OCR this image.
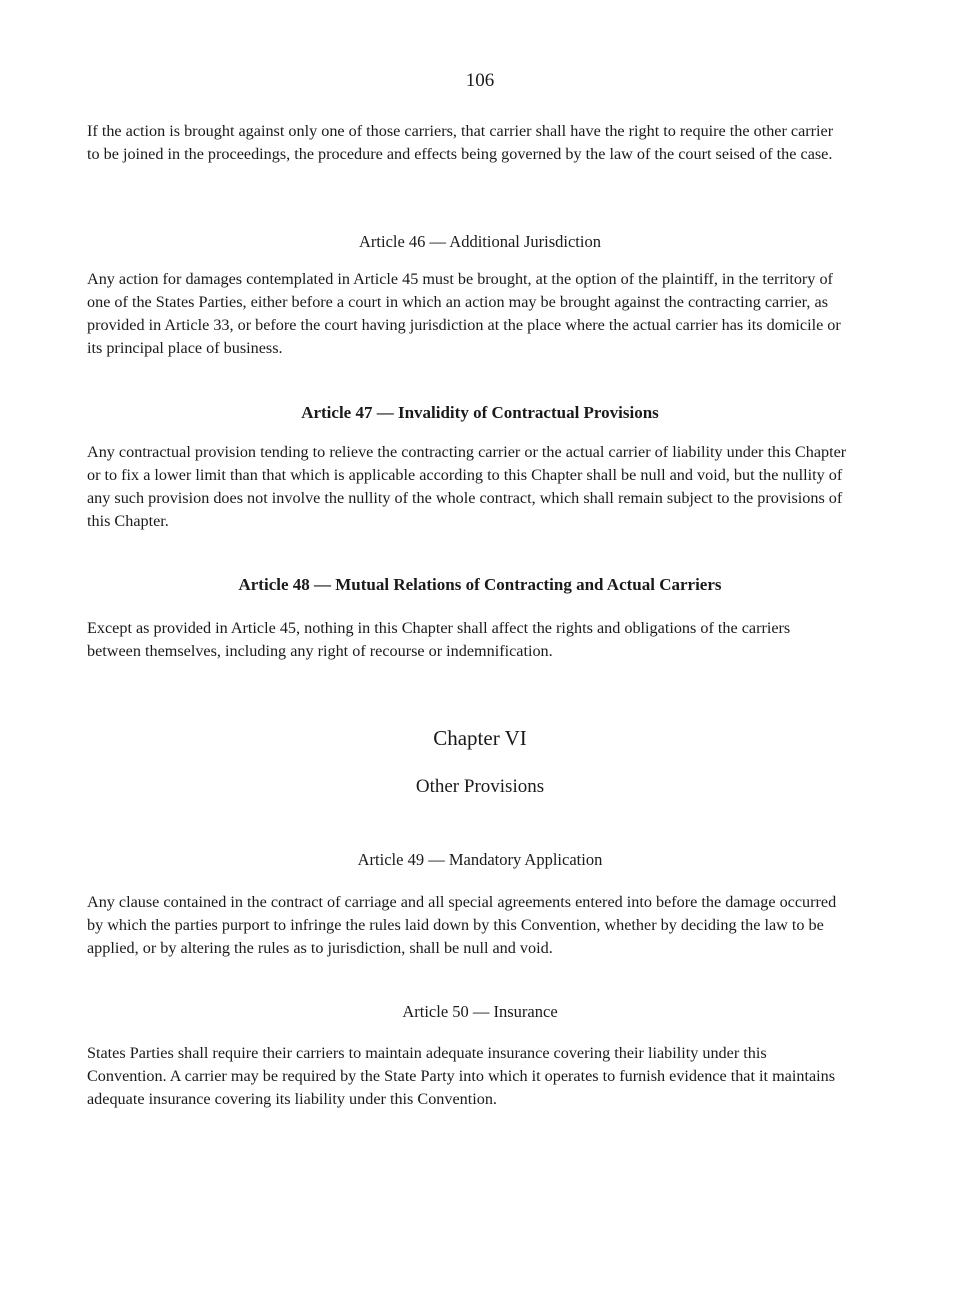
106

If the action is brought against only one of those carriers, that carrier shall have the right to require the other carrier to be joined in the proceedings, the procedure and effects being governed by the law of the court seised of the case.

Article 46 — Additional Jurisdiction

Any action for damages contemplated in Article 45 must be brought, at the option of the plaintiff, in the territory of one of the States Parties, either before a court in which an action may be brought against the contracting carrier, as provided in Article 33, or before the court having jurisdiction at the place where the actual carrier has its domicile or its principal place of business.

Article 47 — Invalidity of Contractual Provisions

Any contractual provision tending to relieve the contracting carrier or the actual carrier of liability under this Chapter or to fix a lower limit than that which is applicable according to this Chapter shall be null and void, but the nullity of any such provision does not involve the nullity of the whole contract, which shall remain subject to the provisions of this Chapter.

Article 48 — Mutual Relations of Contracting and Actual Carriers

Except as provided in Article 45, nothing in this Chapter shall affect the rights and obligations of the carriers between themselves, including any right of recourse or indemnification.

Chapter VI
Other Provisions
Article 49 — Mandatory Application

Any clause contained in the contract of carriage and all special agreements entered into before the damage occurred by which the parties purport to infringe the rules laid down by this Convention, whether by deciding the law to be applied, or by altering the rules as to jurisdiction, shall be null and void.

Article 50 — Insurance

States Parties shall require their carriers to maintain adequate insurance covering their liability under this Convention. A carrier may be required by the State Party into which it operates to furnish evidence that it maintains adequate insurance covering its liability under this Convention.
